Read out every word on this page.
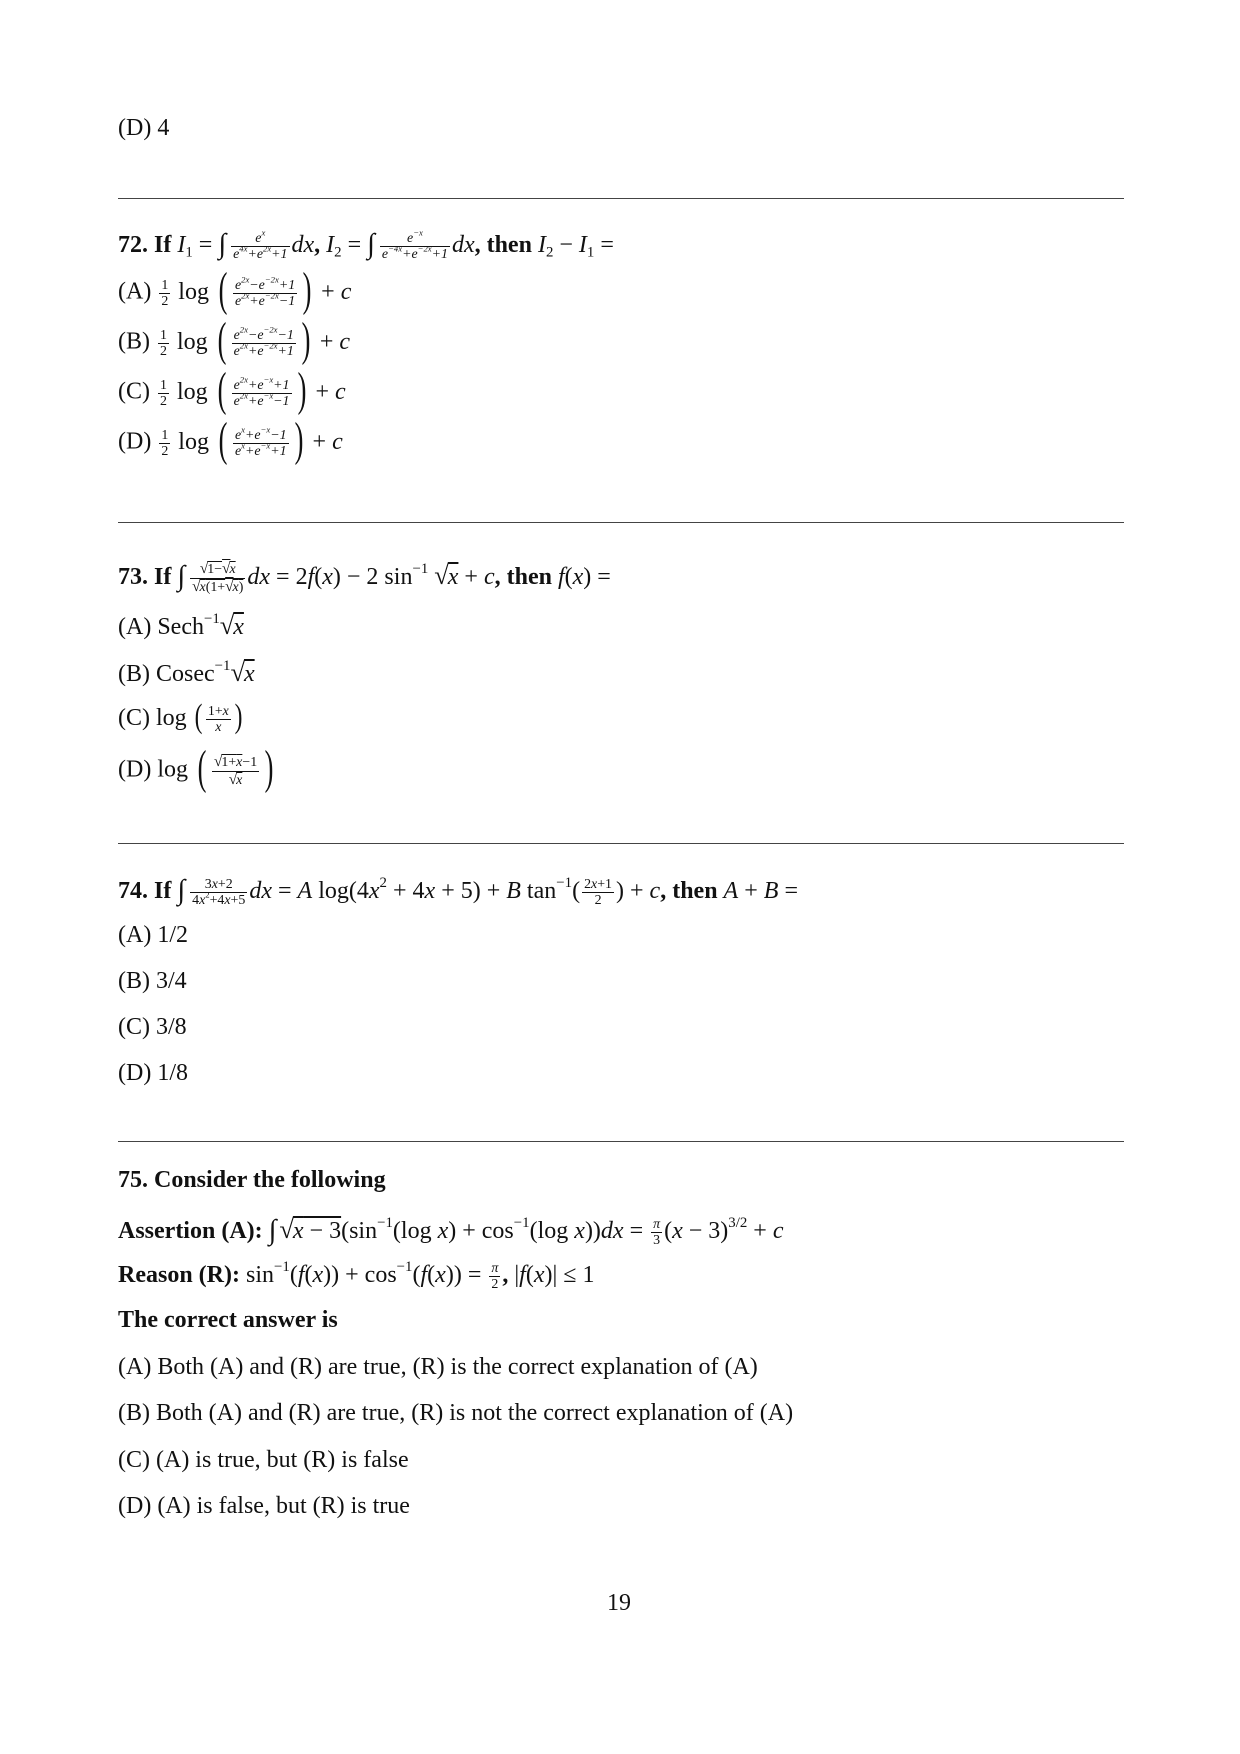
(D) 4
72. If $I_1$ = ∫ $\frac{e^x}{e^{4x}+e^{2x}+1}$ dx, $I_2$ = ∫ $\frac{e^{-x}}{e^{-4x}+e^{-2x}+1}$ dx, then $I_2 - I_1$ =
$(A) \frac{1}{2}$ log ( $\frac{e^{2x}-e^{-2x}+1}{e^{2x}+e^{-2x}-1}$ ) + c
$(B) \frac{1}{2}$ log ( $\frac{e^{2x}-e^{-2x}-1}{e^{2x}+e^{-2x}+1}$ ) + c
$(C) \frac{1}{2}$ log ( $\frac{e^{2x}+e^{-x}+1}{e^{2x}+e^{-x}-1}$ ) + c
$(D) \frac{1}{2}$ log ( $\frac{e^x+e^{-x}-1}{e^x+e^{-x}+1}$ ) + c
73. If ∫ $\frac{√1-√x}{√x(1+√x)}$ dx = 2f(x) − 2 $\sin^{-1} √x + c$, then f(x) =
(A) Sech$^{-1}$√x
(B) Cosec$^{-1}$√x
(C) log ( $\frac{1+x}{x}$ )
(D) log ( $\frac{√1+x-1}{√x}$ )
74. If ∫ $\frac{3x+2}{4x^2+4x+5}$ dx = A $\log(4x^2 + 4x + 5) + B$ $\tan^{-1}( \frac{2x+1}{2}$ ) + c, then A + B =
(A) 1/2
(B) 3/4
(C) 3/8
(D) 1/8
75. Consider the following
Assertion (A): ∫ $√x - 3(\sin^{-1}(\log$ $x) + \cos^{-1}(\log$ $x))dx = \frac{\pi}{3} (x - 3)^{3/2} + c$
Reason (R): $\sin^{-1}(f(x)) + \cos^{-1}(f(x)) = \frac{\pi}{2}$ , |f(x)| ≤ 1
The correct answer is
(A) Both (A) and (R) are true, (R) is the correct explanation of (A)
(B) Both (A) and (R) are true, (R) is not the correct explanation of (A)
(C) (A) is true, but (R) is false
(D) (A) is false, but (R) is true
19
